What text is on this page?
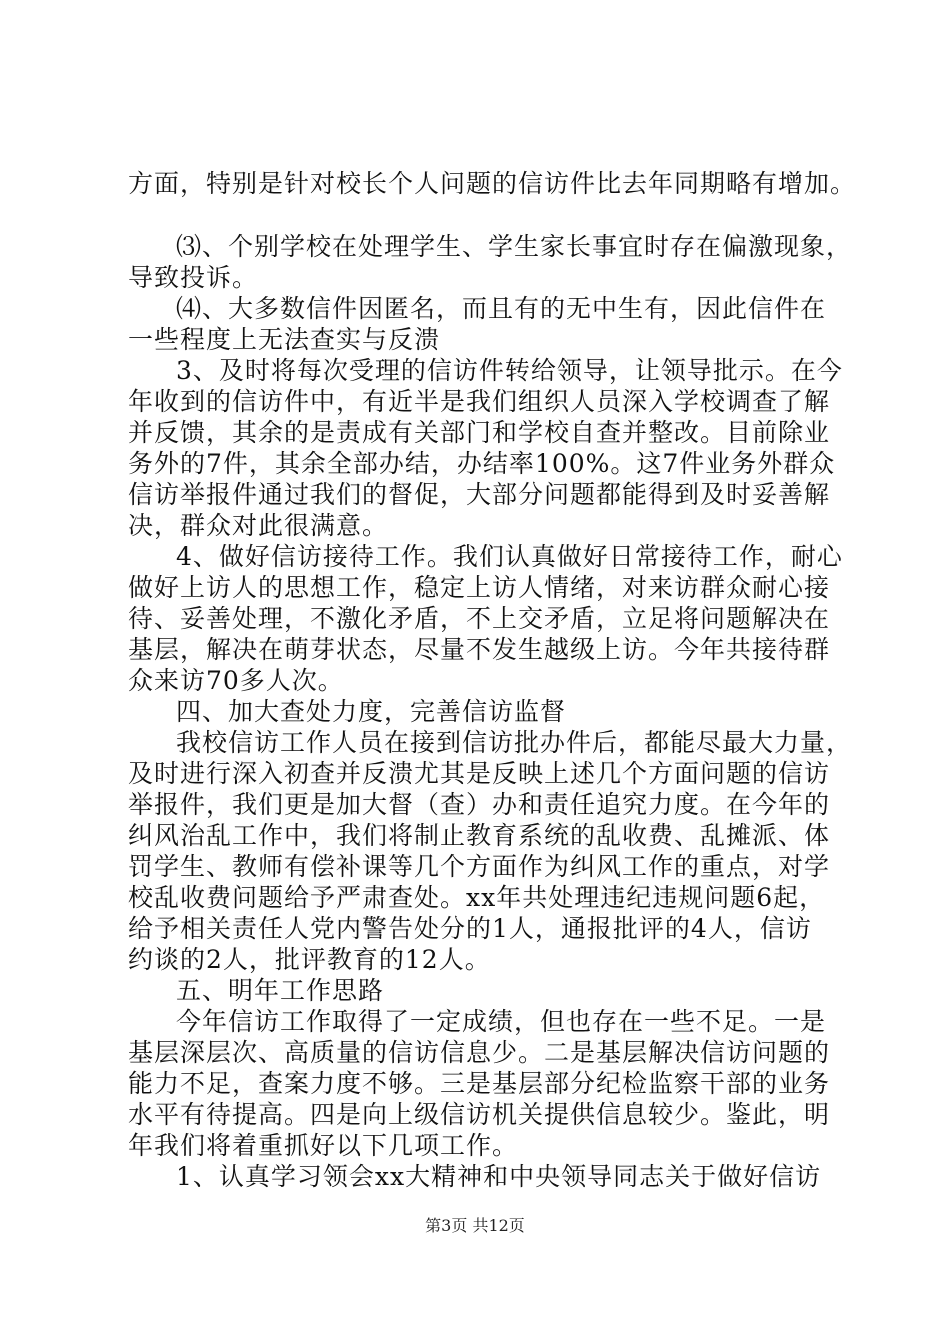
方面，特别是针对校长个人问题的信访件比去年同期略有增加。
⑶、个别学校在处理学生、学生家长事宜时存在偏激现象，
导致投诉。
⑷、大多数信件因匿名，而且有的无中生有，因此信件在
一些程度上无法查实与反溃
3、及时将每次受理的信访件转给领导，让领导批示。在今
年收到的信访件中，有近半是我们组织人员深入学校调查了解
并反馈，其余的是责成有关部门和学校自查并整改。目前除业
务外的7件，其余全部办结，办结率100%。这7件业务外群众
信访举报件通过我们的督促，大部分问题都能得到及时妥善解
决，群众对此很满意。
4、做好信访接待工作。我们认真做好日常接待工作，耐心
做好上访人的思想工作，稳定上访人情绪，对来访群众耐心接
待、妥善处理，不激化矛盾，不上交矛盾，立足将问题解决在
基层，解决在萌芽状态，尽量不发生越级上访。今年共接待群
众来访70多人次。
四、加大查处力度，完善信访监督
我校信访工作人员在接到信访批办件后，都能尽最大力量，
及时进行深入初查并反溃尤其是反映上述几个方面问题的信访
举报件，我们更是加大督（查）办和责任追究力度。在今年的
纠风治乱工作中，我们将制止教育系统的乱收费、乱摊派、体
罚学生、教师有偿补课等几个方面作为纠风工作的重点，对学
校乱收费问题给予严肃查处。xx年共处理违纪违规问题6起，
给予相关责任人党内警告处分的1人，通报批评的4人，信访
约谈的2人，批评教育的12人。
五、明年工作思路
今年信访工作取得了一定成绩，但也存在一些不足。一是
基层深层次、高质量的信访信息少。二是基层解决信访问题的
能力不足，查案力度不够。三是基层部分纪检监察干部的业务
水平有待提高。四是向上级信访机关提供信息较少。鉴此，明
年我们将着重抓好以下几项工作。
第3页 共12页
1、认真学习领会xx大精神和中央领导同志关于做好信访
